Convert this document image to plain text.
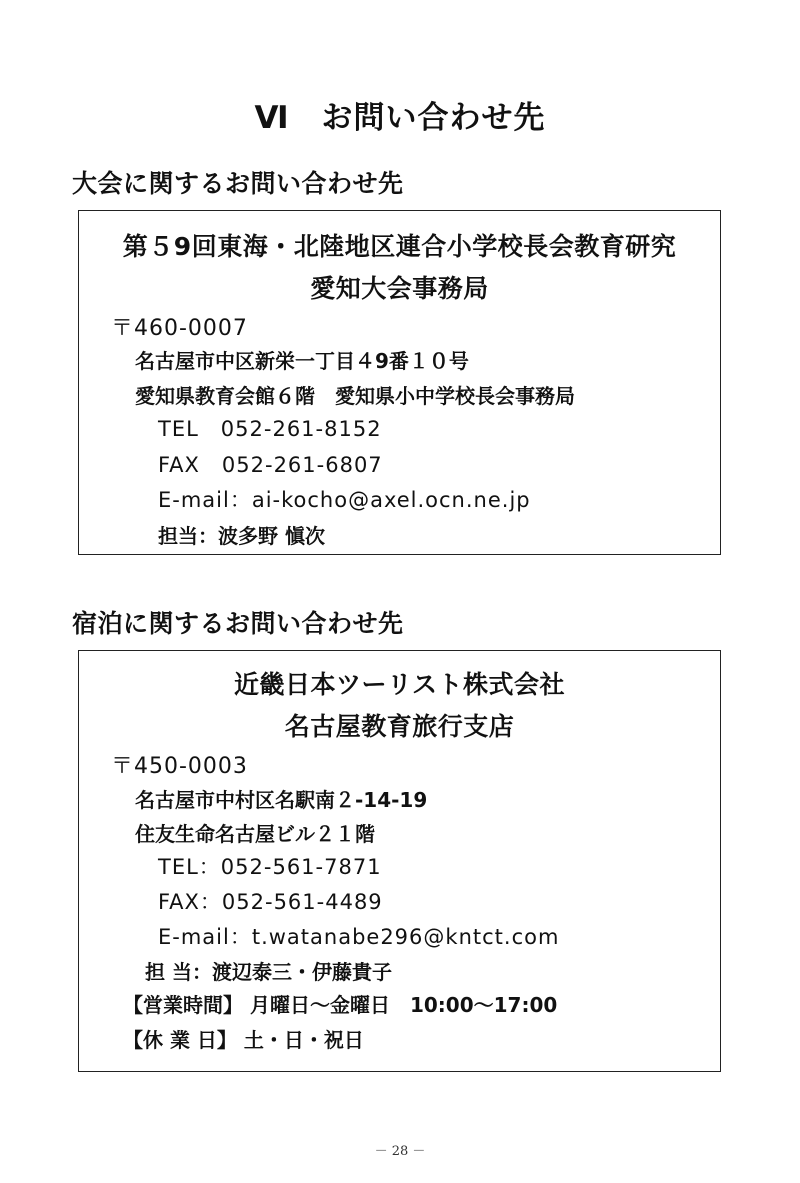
Ⅵ　お問い合わせ先
大会に関するお問い合わせ先
第５9回東海・北陸地区連合小学校長会教育研究
愛知大会事務局
〒460-0007
名古屋市中区新栄一丁目４9番１０号
愛知県教育会館６階　愛知県小中学校長会事務局
TEL　052-261-8152
FAX　052-261-6807
E-mail：ai-kocho@axel.ocn.ne.jp
担当：波多野 愼次
宿泊に関するお問い合わせ先
近畿日本ツーリスト株式会社
名古屋教育旅行支店
〒450-0003
名古屋市中村区名駅南２-14-19
住友生命名古屋ビル２１階
TEL：052-561-7871
FAX：052-561-4489
E-mail：t.watanabe296@kntct.com
担 当：渡辺泰三・伊藤貴子
【営業時間】 月曜日～金曜日　10:00～17:00
【休 業 日】 土・日・祝日
－ 28 －
